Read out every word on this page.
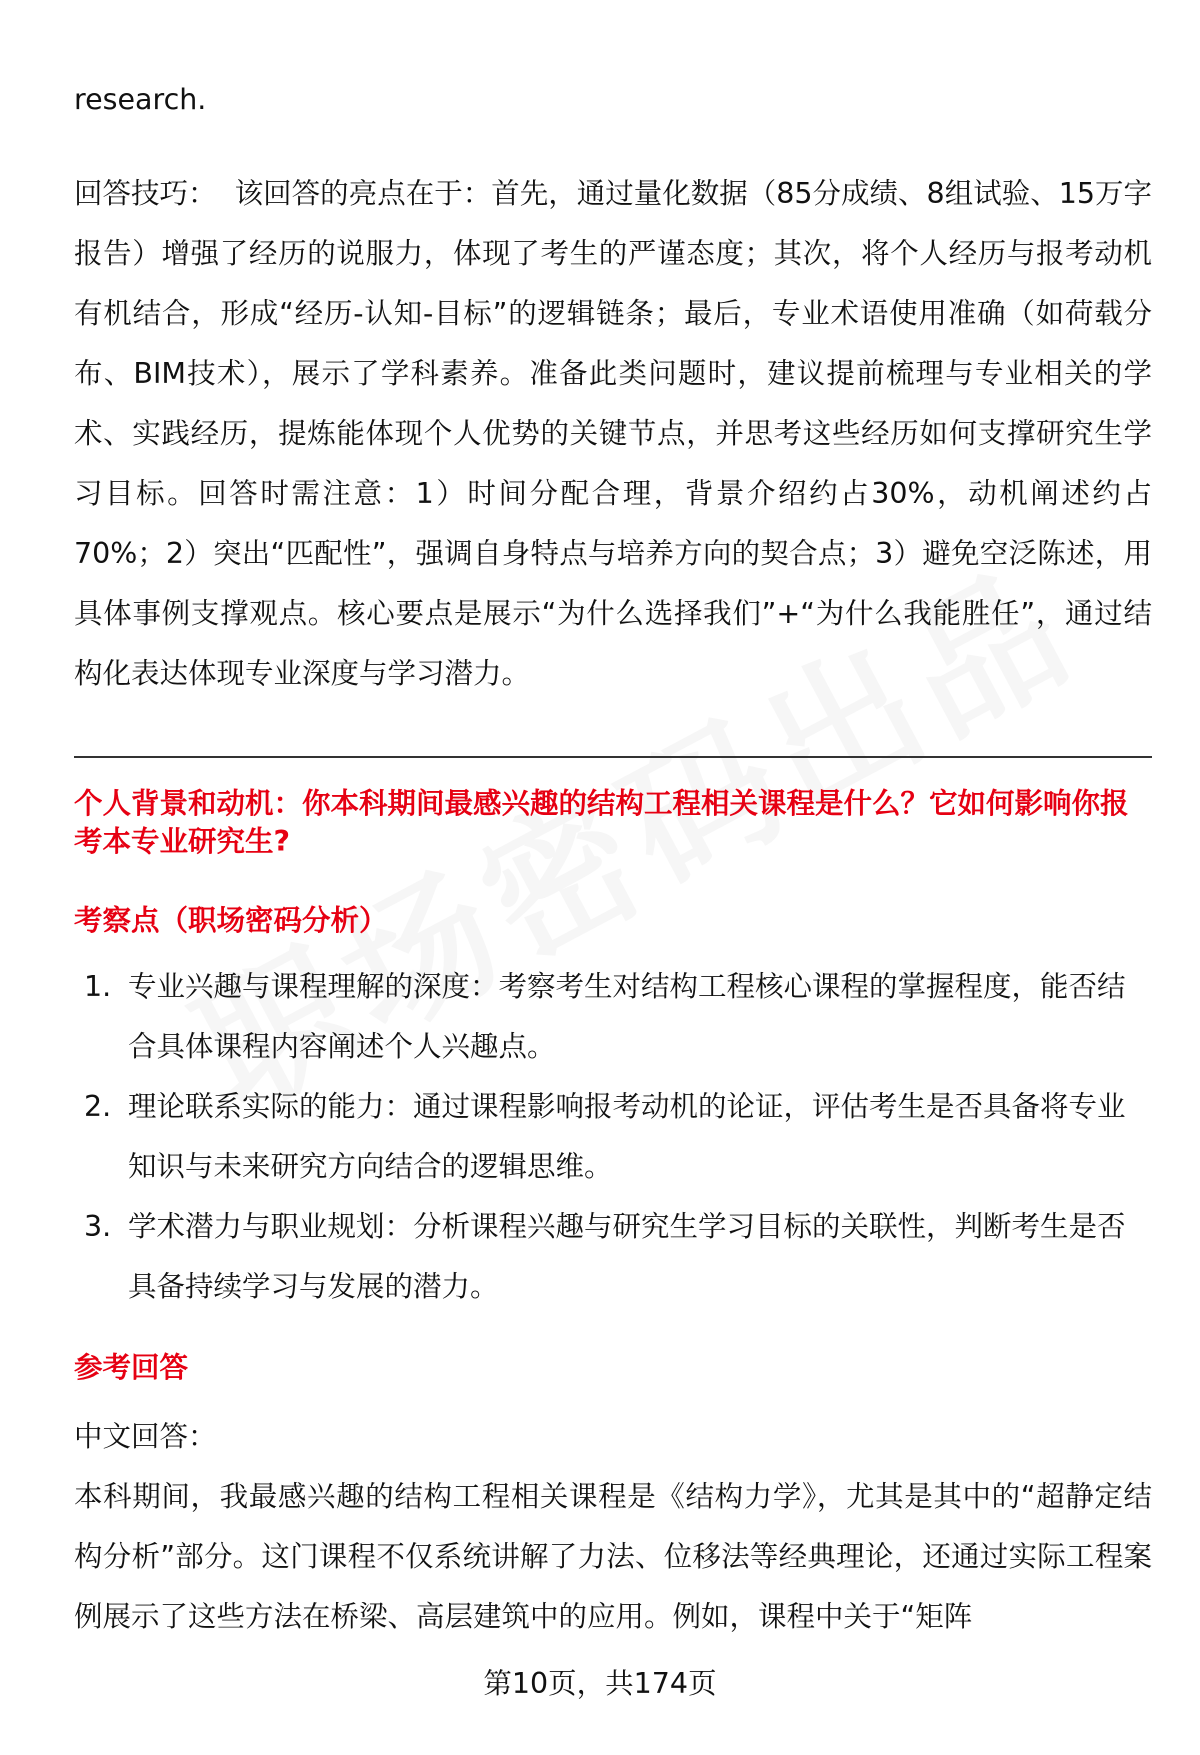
research.

回答技巧： 该回答的亮点在于：首先，通过量化数据（85分成绩、8组试验、15万字报告）增强了经历的说服力，体现了考生的严谨态度；其次，将个人经历与报考动机有机结合，形成“经历-认知-目标”的逻辑链条；最后，专业术语使用准确（如荷载分布、BIM技术），展示了学科素养。准备此类问题时，建议提前梳理与专业相关的学术、实践经历，提炼能体现个人优势的关键节点，并思考这些经历如何支撑研究生学习目标。回答时需注意：1）时间分配合理，背景介绍约占30%，动机阐述约占70%；2）突出“匹配性”，强调自身特点与培养方向的契合点；3）避免空泛陈述，用具体事例支撑观点。核心要点是展示“为什么选择我们”+“为什么我能胜任”，通过结构化表达体现专业深度与学习潜力。

个人背景和动机：你本科期间最感兴趣的结构工程相关课程是什么？它如何影响你报考本专业研究生?

考察点（职场密码分析）
1. 专业兴趣与课程理解的深度：考察考生对结构工程核心课程的掌握程度，能否结合具体课程内容阐述个人兴趣点。
2. 理论联系实际的能力：通过课程影响报考动机的论证，评估考生是否具备将专业知识与未来研究方向结合的逻辑思维。
3. 学术潜力与职业规划：分析课程兴趣与研究生学习目标的关联性，判断考生是否具备持续学习与发展的潜力。
参考回答
中文回答：

本科期间，我最感兴趣的结构工程相关课程是《结构力学》，尤其是其中的“超静定结构分析”部分。这门课程不仅系统讲解了力法、位移法等经典理论，还通过实际工程案例展示了这些方法在桥梁、高层建筑中的应用。例如，课程中关于“矩阵

第10页，共174页
